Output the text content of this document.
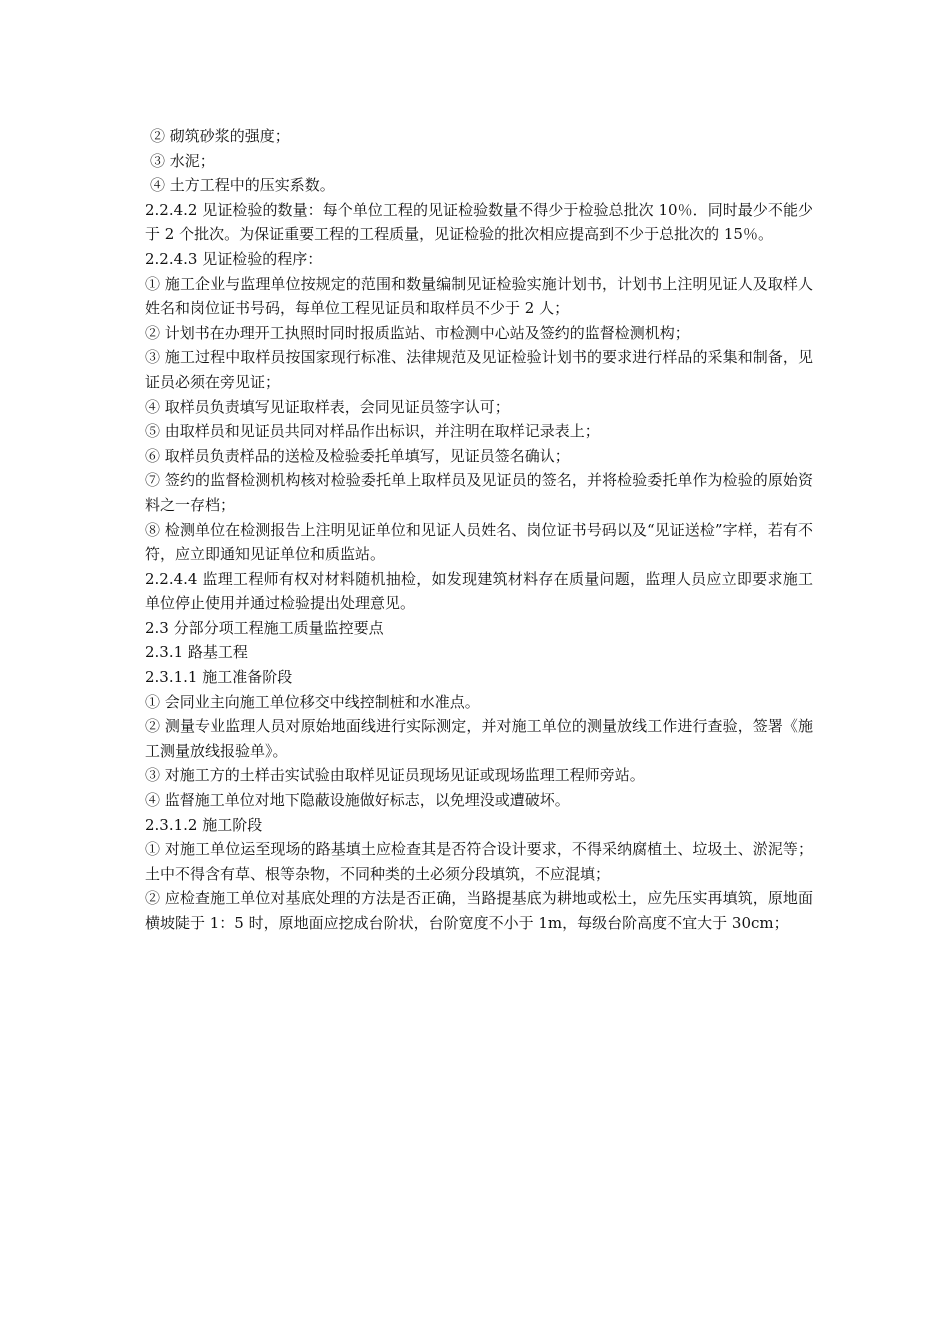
② 砌筑砂浆的强度；

③ 水泥；

④ 土方工程中的压实系数。

2.2.4.2 见证检验的数量：每个单位工程的见证检验数量不得少于检验总批次 10％．同时最少不能少于 2 个批次。为保证重要工程的工程质量，见证检验的批次相应提高到不少于总批次的 15％。

2.2.4.3 见证检验的程序：

① 施工企业与监理单位按规定的范围和数量编制见证检验实施计划书，计划书上注明见证人及取样人姓名和岗位证书号码，每单位工程见证员和取样员不少于 2 人；

② 计划书在办理开工执照时同时报质监站、市检测中心站及签约的监督检测机构；

③ 施工过程中取样员按国家现行标准、法律规范及见证检验计划书的要求进行样品的采集和制备，见证员必须在旁见证；

④ 取样员负责填写见证取样表，会同见证员签字认可；

⑤ 由取样员和见证员共同对样品作出标识，并注明在取样记录表上；

⑥ 取样员负责样品的送检及检验委托单填写，见证员签名确认；

⑦ 签约的监督检测机构核对检验委托单上取样员及见证员的签名，并将检验委托单作为检验的原始资料之一存档；

⑧ 检测单位在检测报告上注明见证单位和见证人员姓名、岗位证书号码以及“见证送检”字样，若有不符，应立即通知见证单位和质监站。

2.2.4.4 监理工程师有权对材料随机抽检，如发现建筑材料存在质量问题，监理人员应立即要求施工单位停止使用并通过检验提出处理意见。

2.3 分部分项工程施工质量监控要点

2.3.1 路基工程

2.3.1.1 施工准备阶段

① 会同业主向施工单位移交中线控制桩和水准点。

② 测量专业监理人员对原始地面线进行实际测定，并对施工单位的测量放线工作进行查验，签署《施工测量放线报验单》。

③ 对施工方的土样击实试验由取样见证员现场见证或现场监理工程师旁站。

④ 监督施工单位对地下隐蔽设施做好标志，以免埋没或遭破坏。

2.3.1.2 施工阶段

① 对施工单位运至现场的路基填土应检查其是否符合设计要求，不得采纳腐植土、垃圾土、淤泥等；土中不得含有草、根等杂物，不同种类的土必须分段填筑，不应混填；

② 应检查施工单位对基底处理的方法是否正确，当路提基底为耕地或松土，应先压实再填筑，原地面横坡陡于 1：5 时，原地面应挖成台阶状，台阶宽度不小于 1m，每级台阶高度不宜大于 30cm；
